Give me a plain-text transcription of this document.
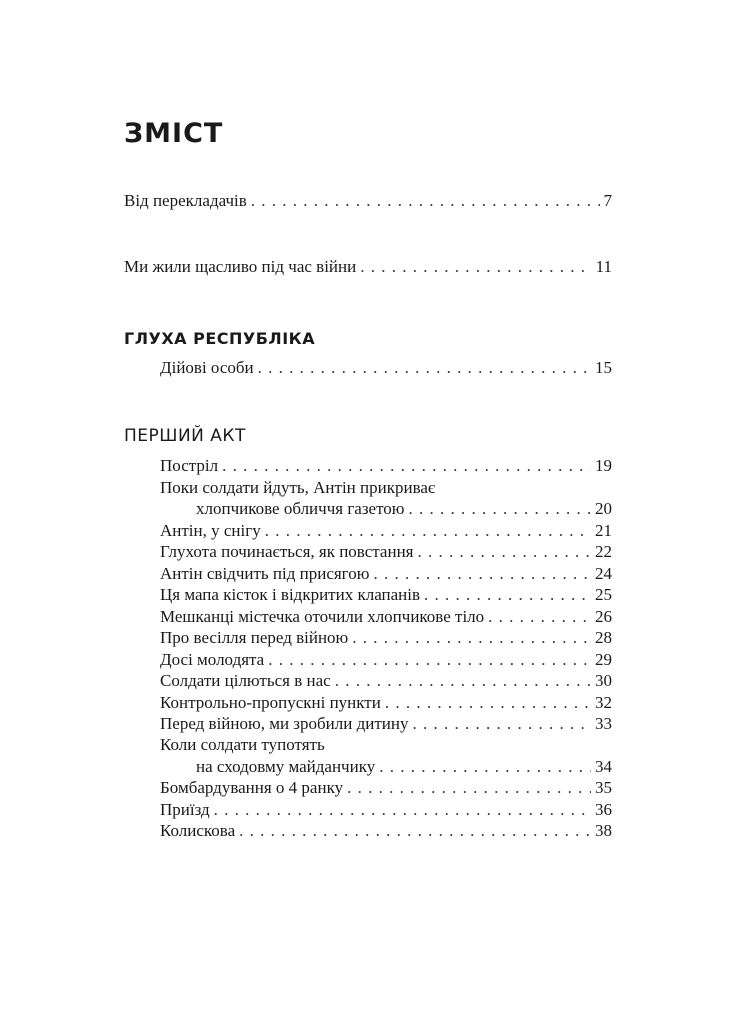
ЗМІСТ
Від перекладачів . . .	7
Ми жили щасливо під час війни . . .	11
ГЛУХА РЕСПУБЛІКА
Дійові особи . . .	15
ПЕРШИЙ АКТ
Постріл . . .	19
Поки солдати йдуть, Антін прикриває
хлопчикове обличчя газетою . . .	20
Антін, у снігу . . .	21
Глухота починається, як повстання . . .	22
Антін свідчить під присягою . . .	24
Ця мапа кісток і відкритих клапанів . . .	25
Мешканці містечка оточили хлопчикове тіло . . .	26
Про весілля перед війною . . .	28
Досі молодята . . .	29
Солдати цілються в нас . . .	30
Контрольно-пропускні пункти . . .	32
Перед війною, ми зробили дитину . . .	33
Коли солдати тупотять
на сходовму майданчику . . .	34
Бомбардування о 4 ранку . . .	35
Приїзд . . .	36
Колискова . . .	38
